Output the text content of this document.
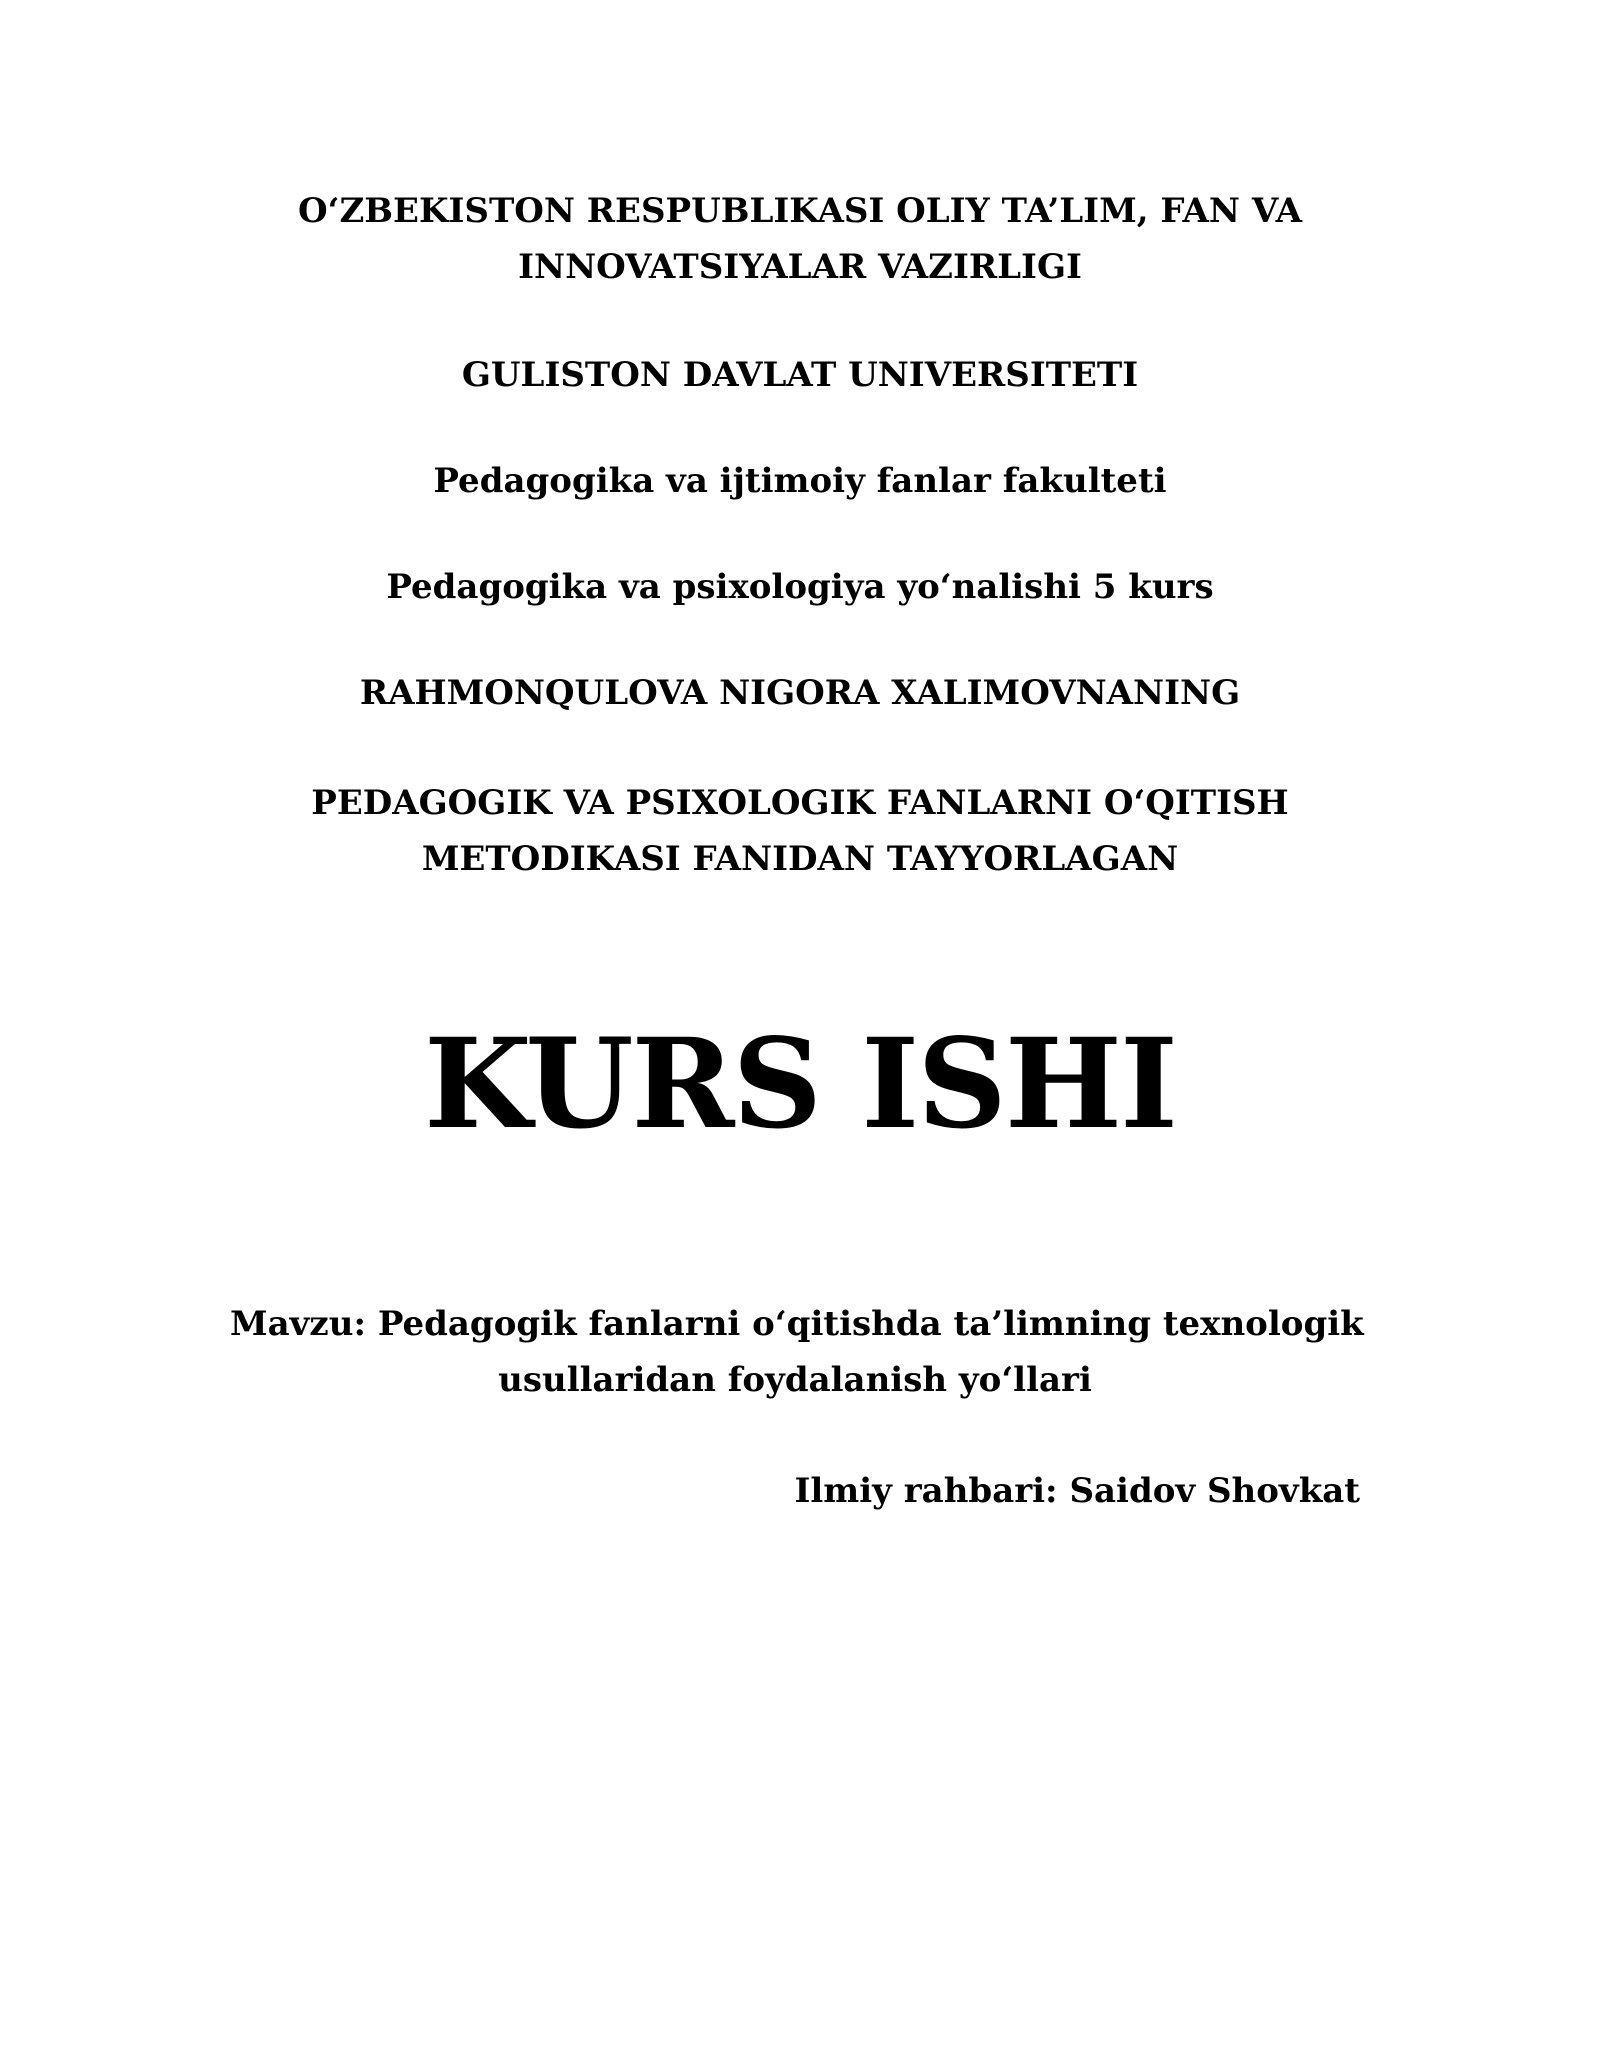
O‘ZBEKISTON RESPUBLIKASI OLIY TA’LIM, FAN VA
INNOVATSIYALAR VAZIRLIGI
GULISTON DAVLAT UNIVERSITETI
Pedagogika va ijtimoiy fanlar fakulteti
Pedagogika va psixologiya yo‘nalishi 5 kurs
RAHMONQULOVA NIGORA XALIMOVNANING
PEDAGOGIK VA PSIXOLOGIK FANLARNI O‘QITISH
METODIKASI FANIDAN TAYYORLAGAN
KURS ISHI
Mavzu: Pedagogik fanlarni o‘qitishda ta’limning texnologik
usullaridan foydalanish yo‘llari
Ilmiy rahbari: Saidov Shovkat
